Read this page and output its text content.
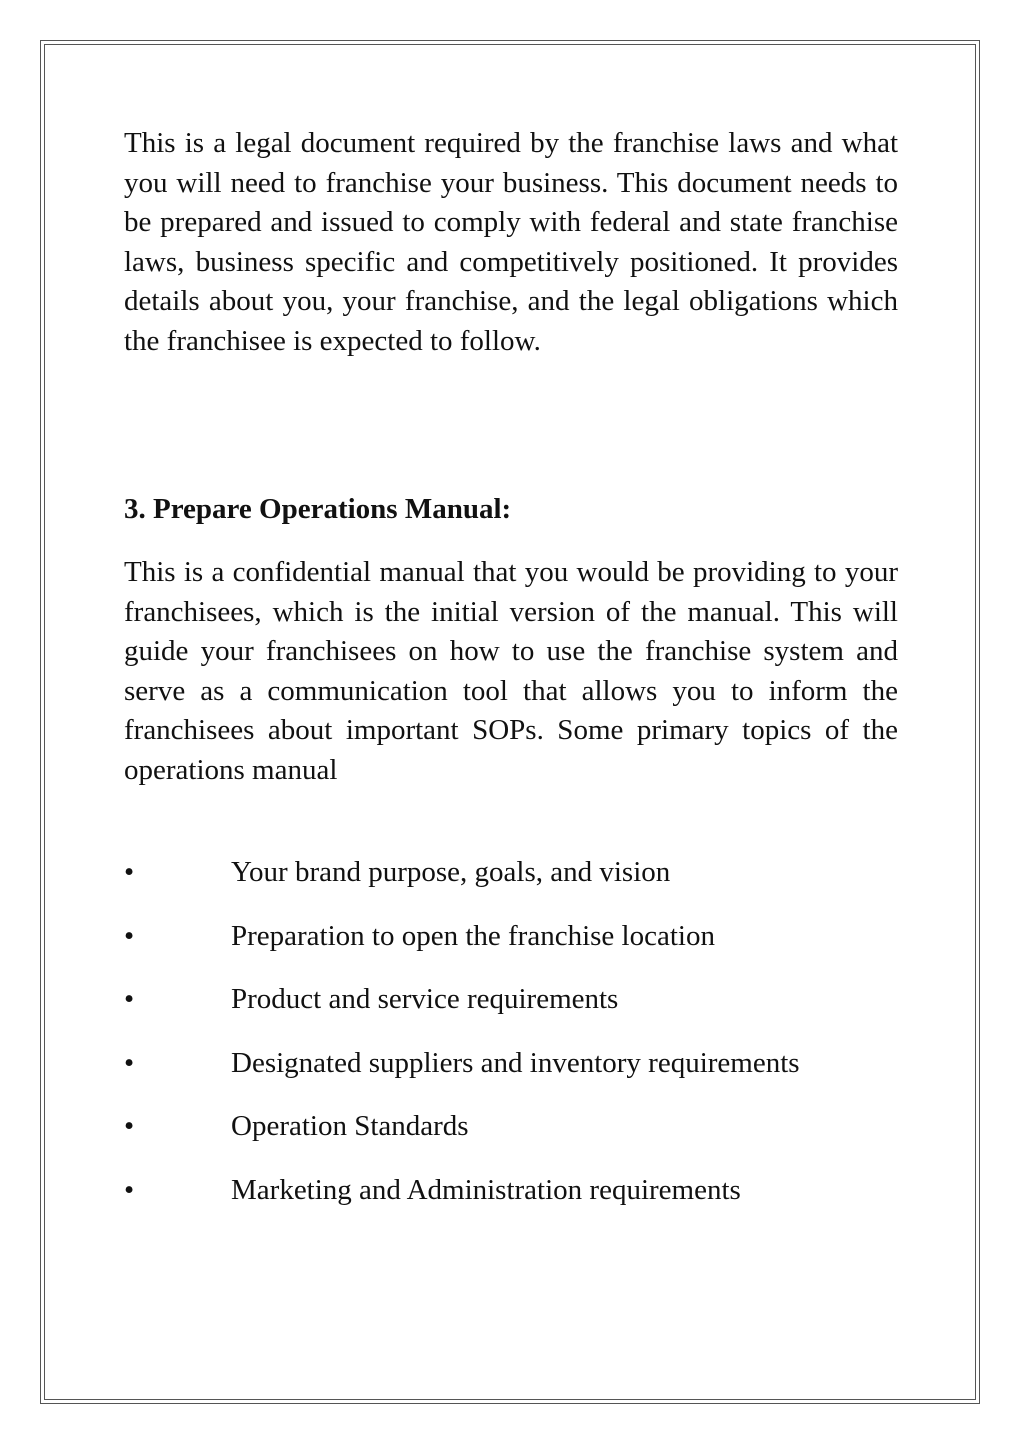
This is a legal document required by the franchise laws and what you will need to franchise your business. This document needs to be prepared and issued to comply with federal and state franchise laws, business specific and competitively positioned. It provides details about you, your franchise, and the legal obligations which the franchisee is expected to follow.

3. Prepare Operations Manual:

This is a confidential manual that you would be providing to your franchisees, which is the initial version of the manual. This will guide your franchisees on how to use the franchise system and serve as a communication tool that allows you to inform the franchisees about important SOPs. Some primary topics of the operations manual

•	Your brand purpose, goals, and vision
•	Preparation to open the franchise location
•	Product and service requirements
•	Designated suppliers and inventory requirements
•	Operation Standards
•	Marketing and Administration requirements
